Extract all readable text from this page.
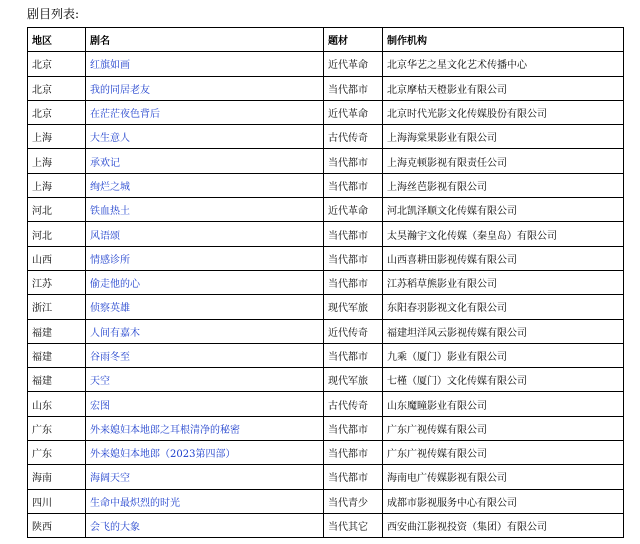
剧目列表:
地区	剧名	题材	制作机构
北京	红旗如画	近代革命	北京华艺之星文化艺术传播中心
北京	我的同居老友	当代都市	北京摩枯天橙影业有限公司
北京	在茫茫夜色背后	近代革命	北京时代光影文化传媒股份有限公司
上海	大生意人	古代传奇	上海海棠果影业有限公司
上海	承欢记	当代都市	上海克顿影视有限责任公司
上海	绚烂之城	当代都市	上海丝芭影视有限公司
河北	铁血热土	近代革命	河北凯泽顺文化传媒有限公司
河北	风语颂	当代都市	太昊瀚宇文化传媒（秦皇岛）有限公司
山西	情感诊所	当代都市	山西喜耕田影视传媒有限公司
江苏	偷走他的心	当代都市	江苏稻草熊影业有限公司
浙江	侦察英雄	现代军旅	东阳春羽影视文化有限公司
福建	人间有嘉木	近代传奇	福建坦洋风云影视传媒有限公司
福建	谷雨冬至	当代都市	九乘（厦门）影业有限公司
福建	天空	现代军旅	七槿（厦门）文化传媒有限公司
山东	宏图	古代传奇	山东魔瞳影业有限公司
广东	外来媳妇本地郎之耳根清净的秘密	当代都市	广东广视传媒有限公司
广东	外来媳妇本地郎（2023第四部）	当代都市	广东广视传媒有限公司
海南	海阔天空	当代都市	海南电广传媒影视有限公司
四川	生命中最炽烈的时光	当代青少	成都市影视服务中心有限公司
陕西	会飞的大象	当代其它	西安曲江影视投资（集团）有限公司
